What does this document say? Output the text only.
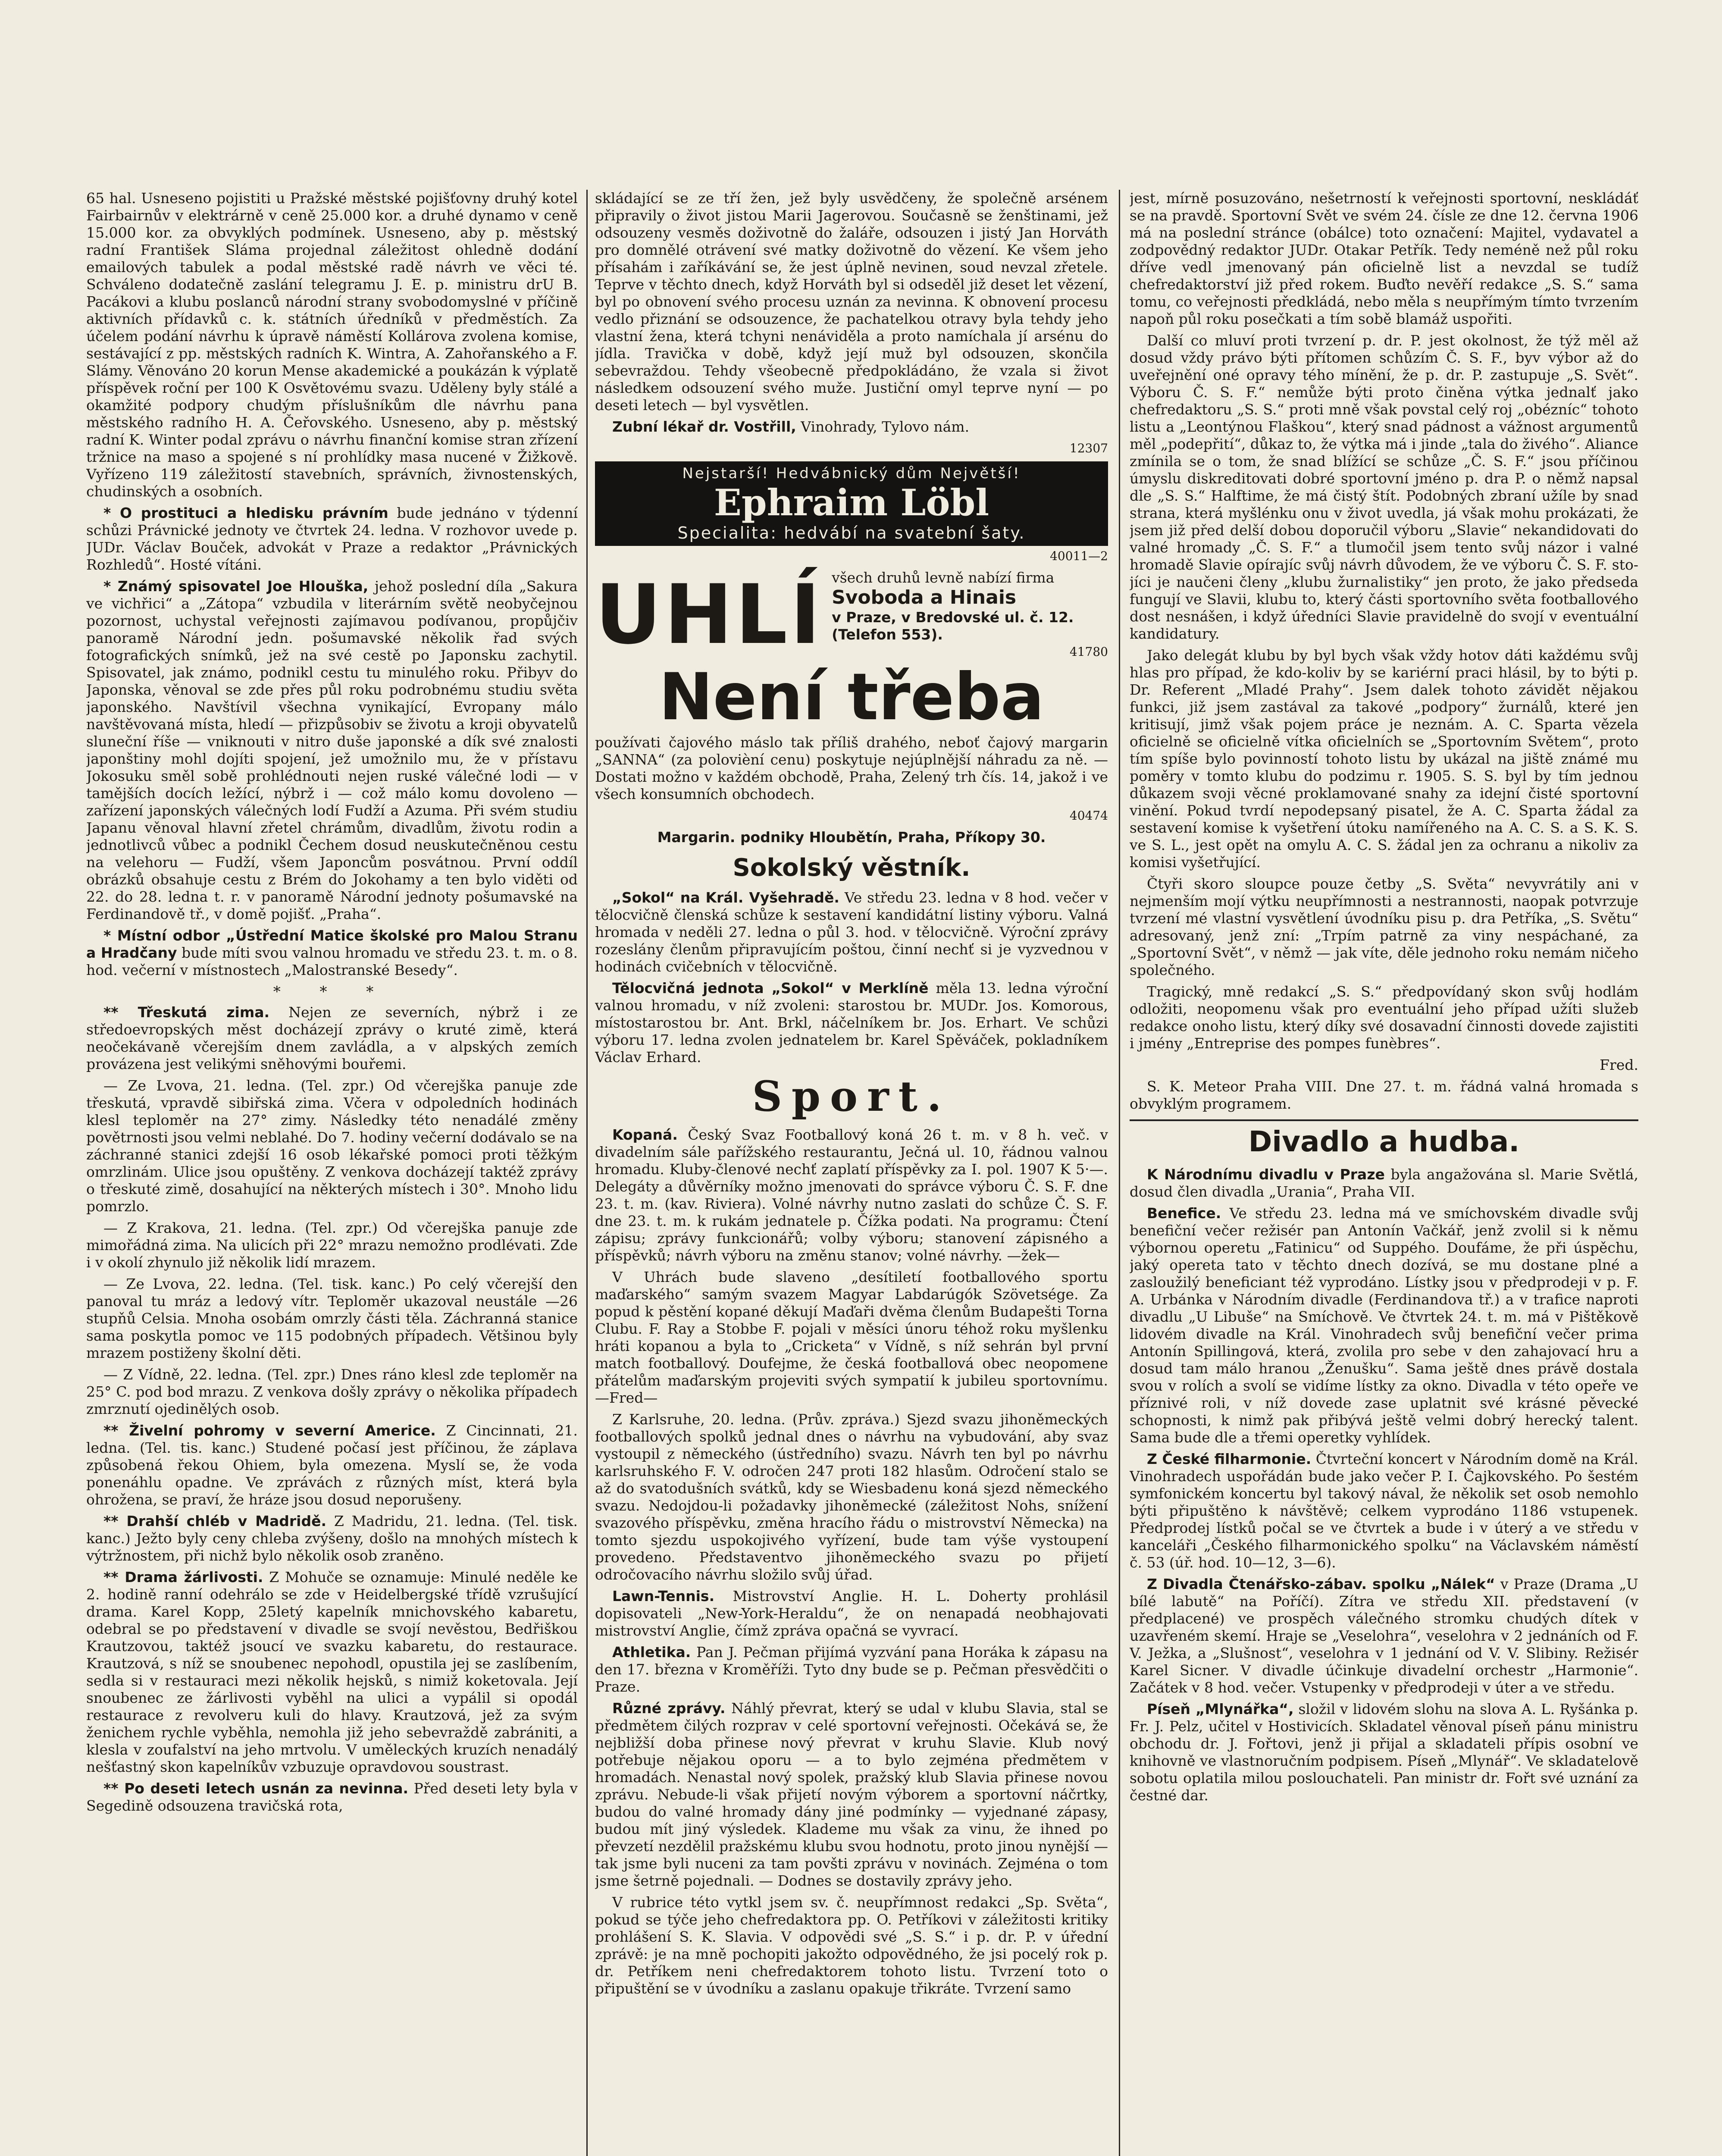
65 hal. Usneseno pojistiti u Pražské městské pojišťovny druhý kotel Fairbairnův v elektrárně v ceně 25.000 kor. a druhé dynamo v ceně 15.000 kor. za obvyklých podmínek. Usneseno, aby p. městský radní František Sláma projednal záležitost ohledně dodání emailových tabulek a podal městské radě návrh ve věci té. Schváleno dodatečně zaslání telegramu J. E. p. ministru drU B. Pacákovi a klubu poslanců národní strany svobodomyslné v příčině aktivních přídavků c. k. státních úředníků v předměstích. Za účelem podání návrhu k úpravě náměstí Kollárova zvolena komise, sestávající z pp. městských radních K. Wintra, A. Zahořanského a F. Slámy. Věnováno 20 korun Mense akademické a poukázán k výplatě příspěvek roční per 100 K Osvětovému svazu. Uděleny byly stálé a okamžité podpory chudým příslušníkům dle návrhu pana městského radního H. A. Čeřovského. Usneseno, aby p. městský radní K. Winter podal zprávu o návrhu finanční komise stran zřízení tržnice na maso a spojené s ní prohlídky masa nucené v Žižkově. Vyřízeno 119 záležitostí stavebních, správních, živnostenských, chudinských a osobních.

* O prostituci a hledisku právním bude jednáno v týdenní schůzi Právnické jednoty ve čtvrtek 24. ledna. V rozhovor uvede p. JUDr. Václav Bouček, advokát v Praze a redaktor „Právnických Rozhledů“. Hosté vítáni.

* Známý spisovatel Joe Hlouška, jehož poslední díla „Sakura ve vichřici“ a „Zátopa“ vzbudila v literárním světě neobyčejnou pozornost, uchystal veřejnosti zajímavou podívanou, propůjčiv panoramě Národní jedn. pošumavské několik řad svých fotografických snímků, jež na své cestě po Japonsku zachytil. Spisovatel, jak známo, podnikl cestu tu minulého roku. Přibyv do Japonska, věnoval se zde přes půl roku podrobnému studiu světa japonského. Navštívil všechna vynikající, Evropany málo navštěvovaná místa, hledí — přizpůsobiv se životu a kroji obyvatelů sluneční říše — vniknouti v nitro duše japonské a dík své znalosti japonštiny mohl dojíti spojení, jež umožnilo mu, že v přístavu Jokosuku směl sobě prohlédnouti nejen ruské válečné lodi — v tamějších docích ležící, nýbrž i — což málo komu dovoleno — zařízení japonských válečných lodí Fudží a Azuma. Při svém studiu Japanu věnoval hlavní zřetel chrámům, divadlům, životu rodin a jednotlivců vůbec a podnikl Čechem dosud neuskutečněnou cestu na velehoru — Fudží, všem Japoncům posvátnou. První oddíl obrázků obsahuje cestu z Brém do Jokohamy a ten bylo viděti od 22. do 28. ledna t. r. v panoramě Národní jednoty pošumavské na Ferdinandově tř., v domě pojišť. „Praha“.

* Místní odbor „Ústřední Matice školské pro Malou Stranu a Hradčany bude míti svou valnou hromadu ve středu 23. t. m. o 8. hod. večerní v místnostech „Malostranské Besedy“.

* * *

** Třeskutá zima. Nejen ze severních, nýbrž i ze středoevropských měst docházejí zprávy o kruté zimě, která neočekávaně včerejším dnem zavládla, a v alpských zemích provázena jest velikými sněhovými bouřemi.

— Ze Lvova, 21. ledna. (Tel. zpr.) Od včerejška panuje zde třeskutá, vpravdě sibiřská zima. Včera v odpoledních hodinách klesl teploměr na 27° zimy. Následky této nenadálé změny povětrnosti jsou velmi neblahé. Do 7. hodiny večerní dodávalo se na záchranné stanici zdejší 16 osob lékařské pomoci proti těžkým omrzlinám. Ulice jsou opuštěny. Z venkova docházejí taktéž zprávy o třeskuté zimě, dosahující na některých místech i 30°. Mnoho lidu pomrzlo.

— Z Krakova, 21. ledna. (Tel. zpr.) Od včerejška panuje zde mimořádná zima. Na ulicích při 22° mrazu nemožno prodlévati. Zde i v okolí zhynulo již několik lidí mrazem.

— Ze Lvova, 22. ledna. (Tel. tisk. kanc.) Po celý včerejší den panoval tu mráz a ledový vítr. Teploměr ukazoval neustále —26 stupňů Celsia. Mnoha osobám omrzly části těla. Záchranná stanice sama poskytla pomoc ve 115 podobných případech. Většinou byly mrazem postiženy školní děti.

— Z Vídně, 22. ledna. (Tel. zpr.) Dnes ráno klesl zde teploměr na 25° C. pod bod mrazu. Z venkova došly zprávy o několika případech zmrznutí ojedinělých osob.

** Živelní pohromy v severní Americe. Z Cincinnati, 21. ledna. (Tel. tis. kanc.) Studené počasí jest příčinou, že záplava způsobená řekou Ohiem, byla omezena. Myslí se, že voda ponenáhlu opadne. Ve zprávách z různých míst, která byla ohrožena, se praví, že hráze jsou dosud neporušeny.

** Drahší chléb v Madridě. Z Madridu, 21. ledna. (Tel. tisk. kanc.) Ježto byly ceny chleba zvýšeny, došlo na mnohých místech k výtržnostem, při nichž bylo několik osob zraněno.

** Drama žárlivosti. Z Mohuče se oznamuje: Minulé neděle ke 2. hodině ranní odehrálo se zde v Heidelbergské třídě vzrušující drama. Karel Kopp, 25letý kapelník mnichovského kabaretu, odebral se po představení v divadle se svojí nevěstou, Bedřiškou Krautzovou, taktéž jsoucí ve svazku kabaretu, do restaurace. Krautzová, s níž se snoubenec nepohodl, opustila jej se zaslíbením, sedla si v restauraci mezi několik hejsků, s nimiž koketovala. Její snoubenec ze žárlivosti vyběhl na ulici a vypálil si opodál restaurace z revolveru kuli do hlavy. Krautzová, jež za svým ženichem rychle vyběhla, nemohla již jeho sebevraždě zabrániti, a klesla v zoufalství na jeho mrtvolu. V uměleckých kruzích nenadálý nešťastný skon kapelníkův vzbuzuje opravdovou soustrast.

** Po deseti letech usnán za nevinna. Před deseti lety byla v Segedině odsouzena travičská rota,

skládající se ze tří žen, jež byly usvědčeny, že společně arsénem připravily o život jistou Marii Jagerovou. Současně se ženštinami, jež odsouzeny vesměs doživotně do žaláře, odsouzen i jistý Jan Horváth pro domnělé otrávení své matky doživotně do vězení. Ke všem jeho přísahám i zaříkávání se, že jest úplně nevinen, soud nevzal zřetele. Teprve v těchto dnech, když Horváth byl si odseděl již deset let vězení, byl po obnovení svého procesu uznán za nevinna. K obnovení procesu vedlo přiznání se odsouzence, že pachatelkou otravy byla tehdy jeho vlastní žena, která tchyni nenáviděla a proto namíchala jí arsénu do jídla. Travička v době, když její muž byl odsouzen, skončila sebevraždou. Tehdy všeobecně předpokládáno, že vzala si život následkem odsouzení svého muže. Justiční omyl teprve nyní — po deseti letech — byl vysvětlen.

Zubní lékař dr. Vostřill, Vinohrady, Tylovo nám.

12307

Nejstarší! Hedvábnický dům Největší!
Ephraim Löbl
Specialita: hedvábí na svatební šaty.

40011—2

UHLÍ všech druhů levně nabízí firma
Svoboda a Hinais
v Praze, v Bredovské ul. č. 12. (Telefon 553).
41780
Není třeba

používati čajového máslo tak příliš drahého, neboť čajový margarin „SANNA“ (za polovièní cenu) poskytuje nejúplnější náhradu za ně. — Dostati možno v každém obchodě, Praha, Zelený trh čís. 14, jakož i ve všech konsumních obchodech.

40474

Margarin. podniky Hloubětín, Praha, Příkopy 30.

Sokolský věstník.

„Sokol“ na Král. Vyšehradě. Ve středu 23. ledna v 8 hod. večer v tělocvičně členská schůze k sestavení kandidátní listiny výboru. Valná hromada v neděli 27. ledna o půl 3. hod. v tělocvičně. Výroční zprávy rozeslány členům připravujícím poštou, činní nechť si je vyzvednou v hodinách cvičebních v tělocvičně.

Tělocvičná jednota „Sokol“ v Merklíně měla 13. ledna výroční valnou hromadu, v níž zvoleni: starostou br. MUDr. Jos. Komorous, místostarostou br. Ant. Brkl, náčelníkem br. Jos. Erhart. Ve schůzi výboru 17. ledna zvolen jednatelem br. Karel Spěváček, pokladníkem Václav Erhard.

Sport.

Kopaná. Český Svaz Footballový koná 26 t. m. v 8 h. več. v divadelním sále pařížského restaurantu, Ječná ul. 10, řádnou valnou hromadu. Kluby-členové nechť zaplatí příspěvky za I. pol. 1907 K 5·—. Delegáty a důvěrníky možno jmenovati do správce výboru Č. S. F. dne 23. t. m. (kav. Riviera). Volné návrhy nutno zaslati do schůze Č. S. F. dne 23. t. m. k rukám jednatele p. Čížka podati. Na programu: Čtení zápisu; zprávy funkcionářů; volby výboru; stanovení zápisného a příspěvků; návrh výboru na změnu stanov; volné návrhy. —žek—

V Uhrách bude slaveno „desítiletí footballového sportu maďarského“ samým svazem Magyar Labdarúgók Szövetsége. Za popud k pěstění kopané děkují Maďaři dvěma členům Budapešti Torna Clubu. F. Ray a Stobbe F. pojali v měsíci únoru téhož roku myšlenku hráti kopanou a byla to „Cricketa“ v Vídně, s níž sehrán byl první match footballový. Doufejme, že česká footballová obec neopomene přátelům maďarským projeviti svých sympatií k jubileu sportovnímu. —Fred—

Z Karlsruhe, 20. ledna. (Prův. zpráva.) Sjezd svazu jihoněmeckých footballových spolků jednal dnes o návrhu na vybudování, aby svaz vystoupil z německého (ústředního) svazu. Návrh ten byl po návrhu karlsruhského F. V. odročen 247 proti 182 hlasům. Odročení stalo se až do svatodušních svátků, kdy se Wiesbadenu koná sjezd německého svazu. Nedojdou-li požadavky jihoněmecké (záležitost Nohs, snížení svazového příspěvku, změna hracího řádu o mistrovství Německa) na tomto sjezdu uspokojivého vyřízení, bude tam výše vystoupení provedeno. Představentvo jihoněmeckého svazu po přijetí odročovacího návrhu složilo svůj úřad.

Lawn-Tennis. Mistrovství Anglie. H. L. Doherty prohlásil dopisovateli „New-York-Heraldu“, že on nenapadá neobhajovati mistrovství Anglie, čímž zpráva opačná se vyvrací.

Athletika. Pan J. Pečman přijímá vyzvání pana Horáka k zápasu na den 17. března v Kroměříži. Tyto dny bude se p. Pečman přesvědčiti o Praze.

Různé zprávy. Náhlý převrat, který se udal v klubu Slavia, stal se předmětem čilých rozprav v celé sportovní veřejnosti. Očekává se, že nejbližší doba přinese nový převrat v kruhu Slavie. Klub nový potřebuje nějakou oporu — a to bylo zejména předmětem v hromadách. Nenastal nový spolek, pražský klub Slavia přinese novou zprávu. Nebude-li však přijetí novým výborem a sportovní náčrtky, budou do valné hromady dány jiné podmínky — vyjednané zápasy, budou mít jiný výsledek. Klademe mu však za vinu, že ihned po převzetí nezdělil pražskému klubu svou hodnotu, proto jinou nynější — tak jsme byli nuceni za tam povšti zprávu v novinách. Zejména o tom jsme šetrně pojednali. — Dodnes se dostavily zprávy jeho.

V rubrice této vytkl jsem sv. č. neupřímnost redakci „Sp. Světa“, pokud se týče jeho chefredaktora pp. O. Petříkovi v záležitosti kritiky prohlášení S. K. Slavia. V odpovědi své „S. S.“ i p. dr. P. v úřední zprávě: je na mně pochopiti jakožto odpovědného, že jsi pocelý rok p. dr. Petříkem neni chefredaktorem tohoto listu. Tvrzení toto o připuštění se v úvodníku a zaslanu opakuje třikráte. Tvrzení samo

jest, mírně posuzováno, nešetrností k veřejnosti sportovní, neskládáť se na pravdě. Sportovní Svět ve svém 24. čísle ze dne 12. června 1906 má na poslední stránce (obálce) toto označení: Majitel, vydavatel a zodpovědný redaktor JUDr. Otakar Petřík. Tedy neméně než půl roku dříve vedl jmenovaný pán oficielně list a nevzdal se tudíž chefredaktorství již před rokem. Buďto nevěří redakce „S. S.“ sama tomu, co veřejnosti předkládá, nebo měla s neupřímým tímto tvrzením napoň půl roku posečkati a tím sobě blamáž uspořiti.

Další co mluví proti tvrzení p. dr. P. jest okolnost, že týž měl až dosud vždy právo býti přítomen schůzím Č. S. F., byv výbor až do uveřejnění oné opravy tého mínění, že p. dr. P. zastupuje „S. Svět“. Výboru Č. S. F.“ nemůže býti proto činěna výtka jednalť jako chefredaktoru „S. S.“ proti mně však povstal celý roj „obézníc“ tohoto listu a „Leontýnou Flaškou“, který snad pádnost a vážnost argumentů měl „podepřití“, důkaz to, že výtka má i jinde „tala do živého“. Aliance zmínila se o tom, že snad blížící se schůze „Č. S. F.“ jsou příčinou úmyslu diskreditovati dobré sportovní jméno p. dra P. o němž napsal dle „S. S.“ Halftime, že má čistý štít. Podobných zbraní užíle by snad strana, která myšlénku onu v život uvedla, já však mohu prokázati, že jsem již před delší dobou doporučil výboru „Slavie“ nekandidovati do valné hromady „Č. S. F.“ a tlumočil jsem tento svůj názor i valné hromadě Slavie opírajíc svůj návrh důvodem, že ve výboru Č. S. F. sto-jíci je naučeni členy „klubu žurnalistiky“ jen proto, že jako předseda fungují ve Slavii, klubu to, který části sportovního světa footballového dost nesnášen, i když úředníci Slavie pravidelně do svojí v eventuální kandidatury.

Jako delegát klubu by byl bych však vždy hotov dáti každému svůj hlas pro případ, že kdo-koliv by se kariérní praci hlásil, by to býti p. Dr. Referent „Mladé Prahy“. Jsem dalek tohoto závidět nějakou funkci, již jsem zastával za takové „podpory“ žurnálů, které jen kritisují, jimž však pojem práce je neznám. A. C. Sparta vězela oficielně se oficielně vítka oficielních se „Sportovním Světem“, proto tím spíše bylo povinností tohoto listu by ukázal na jiště známé mu poměry v tomto klubu do podzimu r. 1905. S. S. byl by tím jednou důkazem svoji věcné proklamované snahy za idejní čisté sportovní vinění. Pokud tvrdí nepodepsaný pisatel, že A. C. Sparta žádal za sestavení komise k vyšetření útoku namířeného na A. C. S. a S. K. S. ve S. L., jest opět na omylu A. C. S. žádal jen za ochranu a nikoliv za komisi vyšetřující.

Čtyři skoro sloupce pouze četby „S. Světa“ nevyvrátily ani v nejmenším mojí výtku neupřímnosti a nestrannosti, naopak potvrzuje tvrzení mé vlastní vysvětlení úvodníku pisu p. dra Petříka, „S. Světu“ adresovaný, jenž zní: „Trpím patrně za viny nespáchané, za „Sportovní Svět“, v němž — jak víte, děle jednoho roku nemám ničeho společného.

Tragický, mně redakcí „S. S.“ předpovídaný skon svůj hodlám odložiti, neopomenu však pro eventuální jeho případ užíti služeb redakce onoho listu, který díky své dosavadní činnosti dovede zajistiti i jmény „Entreprise des pompes funèbres“.

Fred.

S. K. Meteor Praha VIII. Dne 27. t. m. řádná valná hromada s obvyklým programem.

Divadlo a hudba.

K Národnímu divadlu v Praze byla angažována sl. Marie Světlá, dosud člen divadla „Urania“, Praha VII.

Benefice. Ve středu 23. ledna má ve smíchovském divadle svůj benefiční večer režisér pan Antonín Vačkář, jenž zvolil si k němu výbornou operetu „Fatinicu“ od Suppého. Doufáme, že při úspěchu, jaký opereta tato v těchto dnech dozívá, se mu dostane plné a zasloužilý beneficiant též vyprodáno. Lístky jsou v předprodeji v p. F. A. Urbánka v Národním divadle (Ferdinandova tř.) a v trafice naproti divadlu „U Libuše“ na Smíchově. Ve čtvrtek 24. t. m. má v Pištěkově lidovém divadle na Král. Vinohradech svůj benefiční večer prima Antonín Spillingová, která, zvolila pro sebe v den zahajovací hru a dosud tam málo hranou „Ženušku“. Sama ještě dnes právě dostala svou v rolích a svolí se vidíme lístky za okno. Divadla v této opeře ve příznivé roli, v níž dovede zase uplatnit své krásné pěvecké schopnosti, k nimž pak přibývá ještě velmi dobrý herecký talent. Sama bude dle a třemi operetky vyhlídek.

Z České filharmonie. Čtvrteční koncert v Národním domě na Král. Vinohradech uspořádán bude jako večer P. I. Čajkovského. Po šestém symfonickém koncertu byl takový nával, že několik set osob nemohlo býti připuštěno k návštěvě; celkem vyprodáno 1186 vstupenek. Předprodej lístků počal se ve čtvrtek a bude i v úterý a ve středu v kanceláři „Českého filharmonického spolku“ na Václavském náměstí č. 53 (úř. hod. 10—12, 3—6).

Z Divadla Čtenářsko-zábav. spolku „Nálek“ v Praze (Drama „U bílé labutě“ na Poříčí). Zítra ve středu XII. představení (v předplacené) ve prospěch válečného stromku chudých dítek v uzavřeném skemí. Hraje se „Veselohra“, veselohra v 2 jednáních od F. V. Ježka, a „Slušnost“, veselohra v 1 jednání od V. V. Slibiny. Režisér Karel Sicner. V divadle účinkuje divadelní orchestr „Harmonie“. Začátek v 8 hod. večer. Vstupenky v předprodeji v úter a ve středu.

Píseň „Mlynářka“, složil v lidovém slohu na slova A. L. Ryšánka p. Fr. J. Pelz, učitel v Hostivicích. Skladatel věnoval píseň pánu ministru obchodu dr. J. Fořtovi, jenž ji přijal a skladateli přípis osobní ve knihovně ve vlastnoručním podpisem. Píseň „Mlynář“. Ve skladatelově sobotu oplatila milou poslouchateli. Pan ministr dr. Fořt své uznání za čestné dar.
